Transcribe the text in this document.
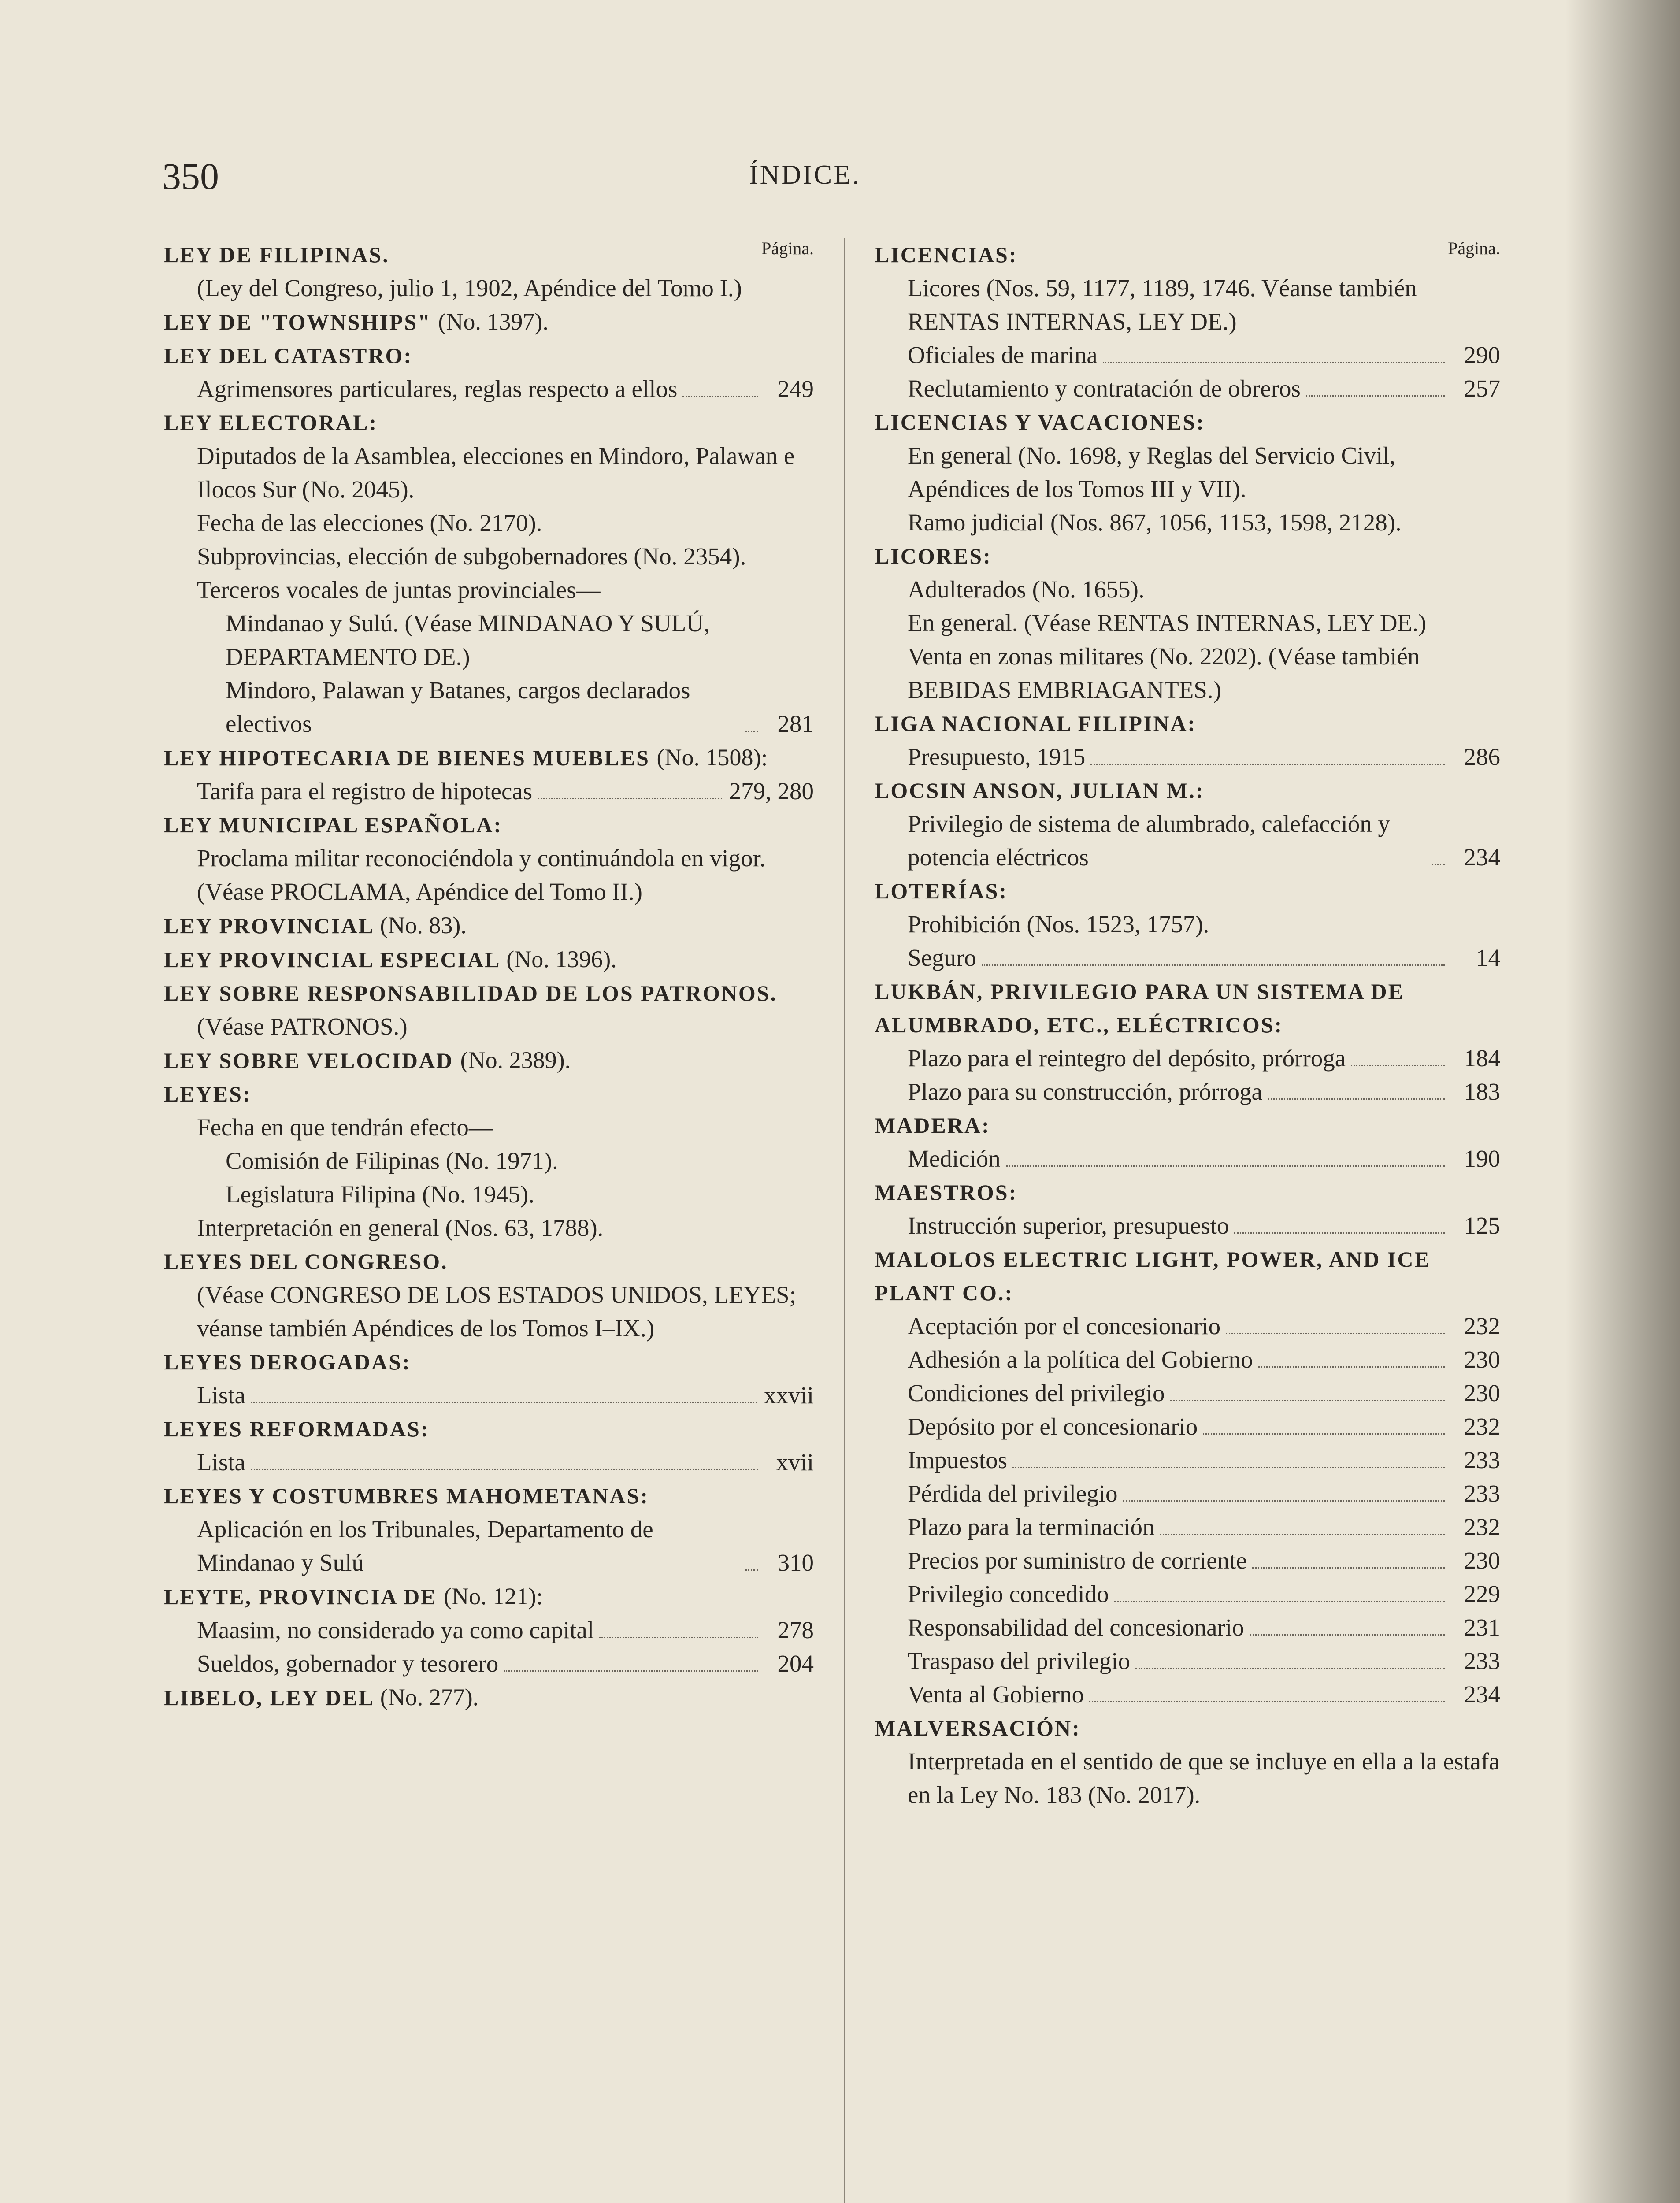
350	ÍNDICE.
Página.
LEY DE FILIPINAS.
(Ley del Congreso, julio 1, 1902, Apéndice del Tomo I.)
LEY DE "TOWNSHIPS" (No. 1397).
LEY DEL CATASTRO:
Agrimensores particulares, reglas respecto a ellos	249
LEY ELECTORAL:
Diputados de la Asamblea, elecciones en Mindoro, Palawan e Ilocos Sur (No. 2045).
Fecha de las elecciones (No. 2170).
Subprovincias, elección de subgobernadores (No. 2354).
Terceros vocales de juntas provinciales—
Mindanao y Sulú. (Véase MINDANAO Y SULÚ, DEPARTAMENTO DE.)
Mindoro, Palawan y Batanes, cargos declarados electivos	281
LEY HIPOTECARIA DE BIENES MUEBLES (No. 1508):
Tarifa para el registro de hipotecas	279, 280
LEY MUNICIPAL ESPAÑOLA:
Proclama militar reconociéndola y continuándola en vigor. (Véase PROCLAMA, Apéndice del Tomo II.)
LEY PROVINCIAL (No. 83).
LEY PROVINCIAL ESPECIAL (No. 1396).
LEY SOBRE RESPONSABILIDAD DE LOS PATRONOS.
(Véase PATRONOS.)
LEY SOBRE VELOCIDAD (No. 2389).
LEYES:
Fecha en que tendrán efecto—
Comisión de Filipinas (No. 1971).
Legislatura Filipina (No. 1945).
Interpretación en general (Nos. 63, 1788).
LEYES DEL CONGRESO.
(Véase CONGRESO DE LOS ESTADOS UNIDOS, LEYES; véanse también Apéndices de los Tomos I–IX.)
LEYES DEROGADAS:
Lista	xxvii
LEYES REFORMADAS:
Lista	xvii
LEYES Y COSTUMBRES MAHOMETANAS:
Aplicación en los Tribunales, Departamento de Mindanao y Sulú	310
LEYTE, PROVINCIA DE (No. 121):
Maasim, no considerado ya como capital	278
Sueldos, gobernador y tesorero	204
LIBELO, LEY DEL (No. 277).
Página.
LICENCIAS:
Licores (Nos. 59, 1177, 1189, 1746. Véanse también RENTAS INTERNAS, LEY DE.)
Oficiales de marina	290
Reclutamiento y contratación de obreros	257
LICENCIAS Y VACACIONES:
En general (No. 1698, y Reglas del Servicio Civil, Apéndices de los Tomos III y VII).
Ramo judicial (Nos. 867, 1056, 1153, 1598, 2128).
LICORES:
Adulterados (No. 1655).
En general. (Véase RENTAS INTERNAS, LEY DE.)
Venta en zonas militares (No. 2202). (Véase también BEBIDAS EMBRIAGANTES.)
LIGA NACIONAL FILIPINA:
Presupuesto, 1915	286
LOCSIN ANSON, JULIAN M.:
Privilegio de sistema de alumbrado, calefacción y potencia eléctricos	234
LOTERÍAS:
Prohibición (Nos. 1523, 1757).
Seguro	14
LUKBÁN, PRIVILEGIO PARA UN SISTEMA DE ALUMBRADO, ETC., ELÉCTRICOS:
Plazo para el reintegro del depósito, prórroga	184
Plazo para su construcción, prórroga	183
MADERA:
Medición	190
MAESTROS:
Instrucción superior, presupuesto	125
MALOLOS ELECTRIC LIGHT, POWER, AND ICE PLANT CO.:
Aceptación por el concesionario	232
Adhesión a la política del Gobierno	230
Condiciones del privilegio	230
Depósito por el concesionario	232
Impuestos	233
Pérdida del privilegio	233
Plazo para la terminación	232
Precios por suministro de corriente	230
Privilegio concedido	229
Responsabilidad del concesionario	231
Traspaso del privilegio	233
Venta al Gobierno	234
MALVERSACIÓN:
Interpretada en el sentido de que se incluye en ella a la estafa en la Ley No. 183 (No. 2017).
